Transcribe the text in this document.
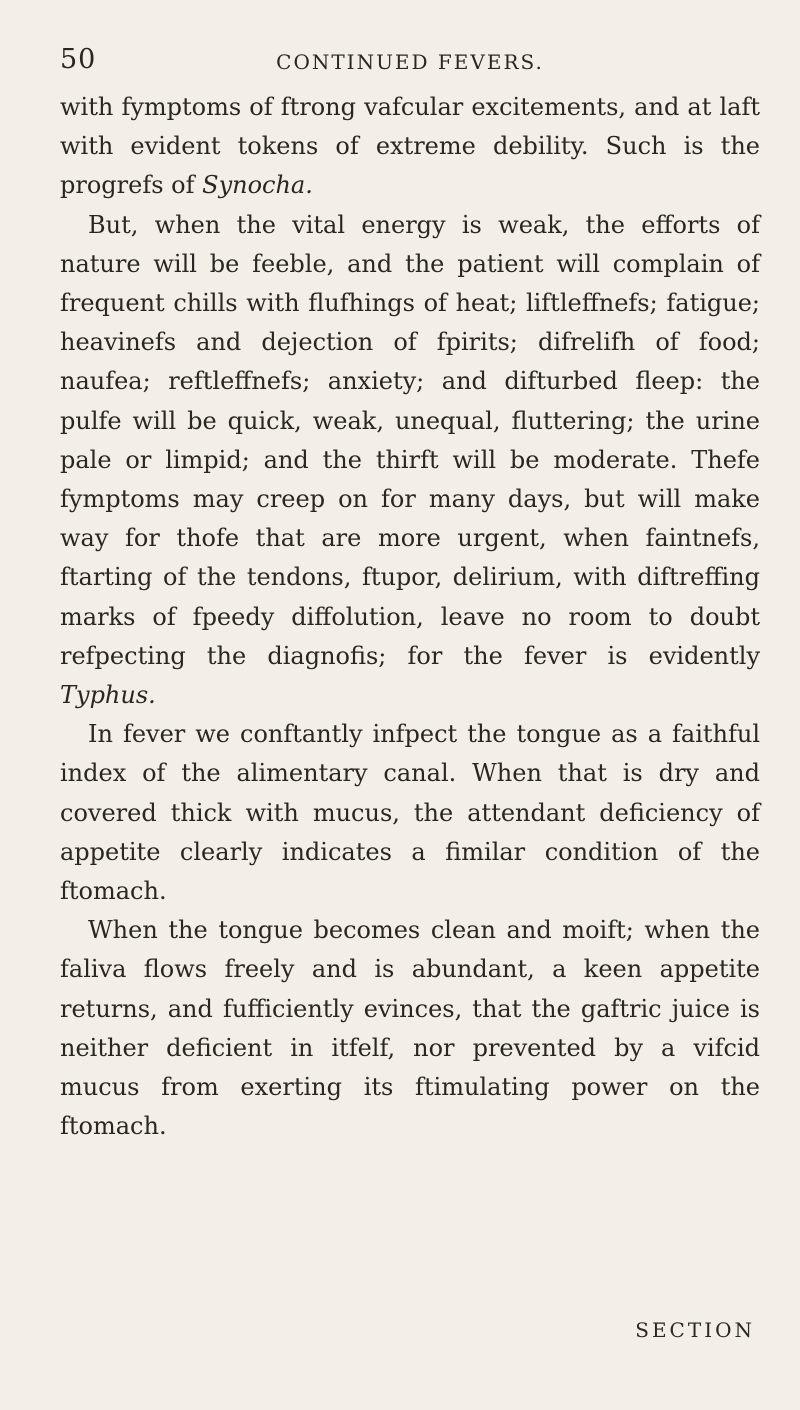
50	CONTINUED FEVERS.

with fymptoms of ftrong vafcular excitements, and at laft with evident tokens of extreme debility. Such is the progrefs of Synocha.

But, when the vital energy is weak, the efforts of nature will be feeble, and the patient will complain of frequent chills with flufhings of heat; liftleffnefs; fatigue; heavinefs and dejection of fpirits; difrelifh of food; naufea; reftleffnefs; anxiety; and difturbed fleep: the pulfe will be quick, weak, unequal, fluttering; the urine pale or limpid; and the thirft will be moderate. Thefe fymptoms may creep on for many days, but will make way for thofe that are more urgent, when faintnefs, ftarting of the tendons, ftupor, delirium, with diftreffing marks of fpeedy diffolution, leave no room to doubt refpecting the diagnofis; for the fever is evidently Typhus.

In fever we conftantly infpect the tongue as a faithful index of the alimentary canal. When that is dry and covered thick with mucus, the attendant deficiency of appetite clearly indicates a fimilar condition of the ftomach.

When the tongue becomes clean and moift; when the faliva flows freely and is abundant, a keen appetite returns, and fufficiently evinces, that the gaftric juice is neither deficient in itfelf, nor prevented by a vifcid mucus from exerting its ftimulating power on the ftomach.

SECTION
